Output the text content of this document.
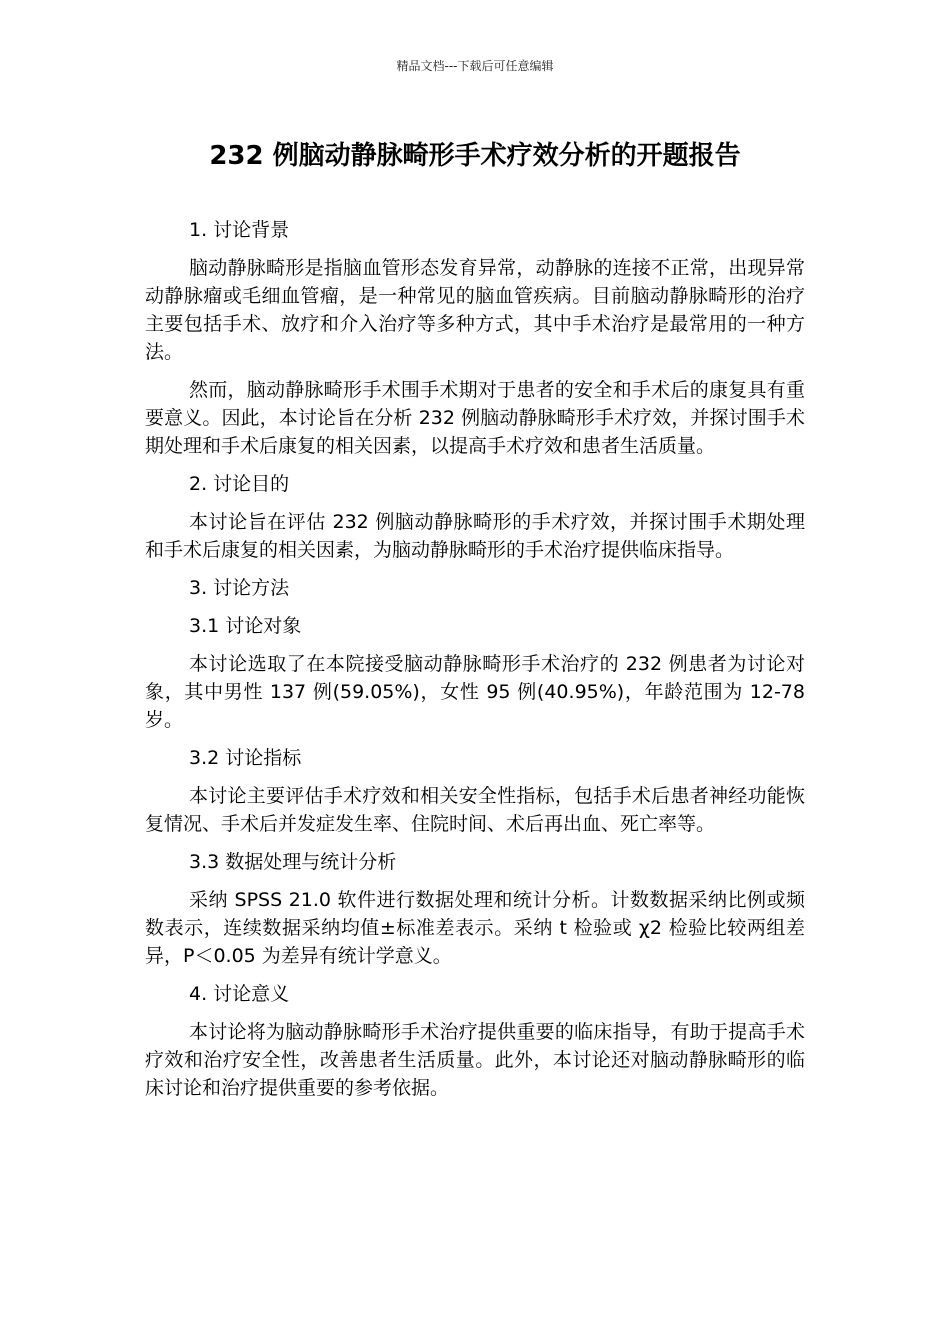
精品文档---下载后可任意编辑
232 例脑动静脉畸形手术疗效分析的开题报告

1. 讨论背景

脑动静脉畸形是指脑血管形态发育异常，动静脉的连接不正常，出现异常动静脉瘤或毛细血管瘤，是一种常见的脑血管疾病。目前脑动静脉畸形的治疗主要包括手术、放疗和介入治疗等多种方式，其中手术治疗是最常用的一种方法。

然而，脑动静脉畸形手术围手术期对于患者的安全和手术后的康复具有重要意义。因此，本讨论旨在分析 232 例脑动静脉畸形手术疗效，并探讨围手术期处理和手术后康复的相关因素，以提高手术疗效和患者生活质量。

2. 讨论目的

本讨论旨在评估 232 例脑动静脉畸形的手术疗效，并探讨围手术期处理和手术后康复的相关因素，为脑动静脉畸形的手术治疗提供临床指导。

3. 讨论方法

3.1 讨论对象

本讨论选取了在本院接受脑动静脉畸形手术治疗的 232 例患者为讨论对象，其中男性 137 例(59.05%)，女性 95 例(40.95%)，年龄范围为 12-78 岁。

3.2 讨论指标

本讨论主要评估手术疗效和相关安全性指标，包括手术后患者神经功能恢复情况、手术后并发症发生率、住院时间、术后再出血、死亡率等。

3.3 数据处理与统计分析

采纳 SPSS 21.0 软件进行数据处理和统计分析。计数数据采纳比例或频数表示，连续数据采纳均值±标准差表示。采纳 t 检验或 χ2 检验比较两组差异，P＜0.05 为差异有统计学意义。

4. 讨论意义

本讨论将为脑动静脉畸形手术治疗提供重要的临床指导，有助于提高手术疗效和治疗安全性，改善患者生活质量。此外，本讨论还对脑动静脉畸形的临床讨论和治疗提供重要的参考依据。
